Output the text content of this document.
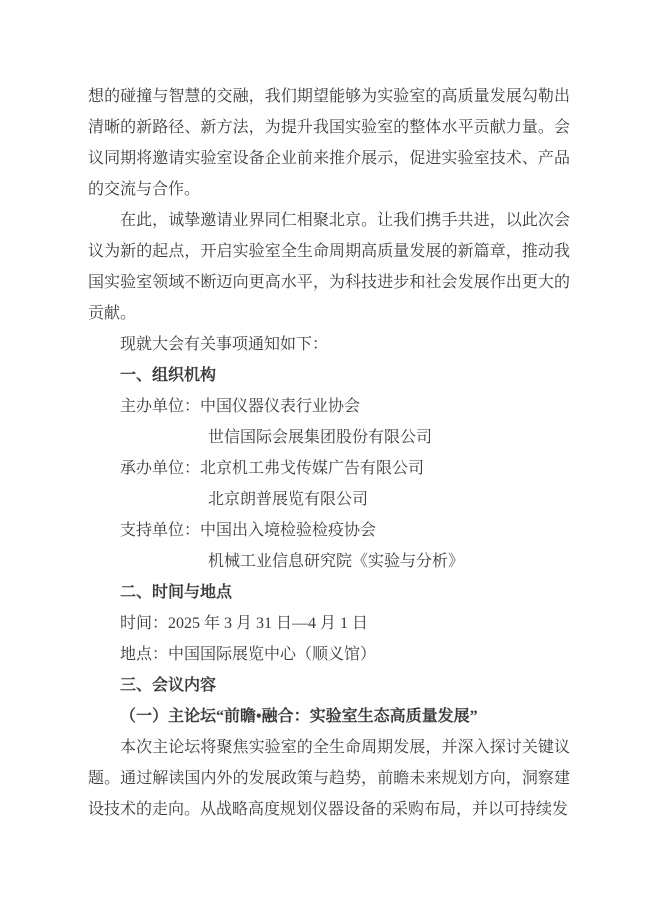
想的碰撞与智慧的交融，我们期望能够为实验室的高质量发展勾勒出清晰的新路径、新方法，为提升我国实验室的整体水平贡献力量。会议同期将邀请实验室设备企业前来推介展示，促进实验室技术、产品的交流与合作。

在此，诚挚邀请业界同仁相聚北京。让我们携手共进，以此次会议为新的起点，开启实验室全生命周期高质量发展的新篇章，推动我国实验室领域不断迈向更高水平，为科技进步和社会发展作出更大的贡献。

现就大会有关事项通知如下：

一、组织机构

主办单位：中国仪器仪表行业协会

世信国际会展集团股份有限公司

承办单位：北京机工弗戈传媒广告有限公司

北京朗普展览有限公司

支持单位：中国出入境检验检疫协会

机械工业信息研究院《实验与分析》

二、时间与地点

时间：2025 年 3 月 31 日—4 月 1 日

地点：中国国际展览中心（顺义馆）

三、会议内容

（一）主论坛“前瞻•融合：实验室生态高质量发展”

本次主论坛将聚焦实验室的全生命周期发展，并深入探讨关键议题。通过解读国内外的发展政策与趋势，前瞻未来规划方向，洞察建设技术的走向。从战略高度规划仪器设备的采购布局，并以可持续发
